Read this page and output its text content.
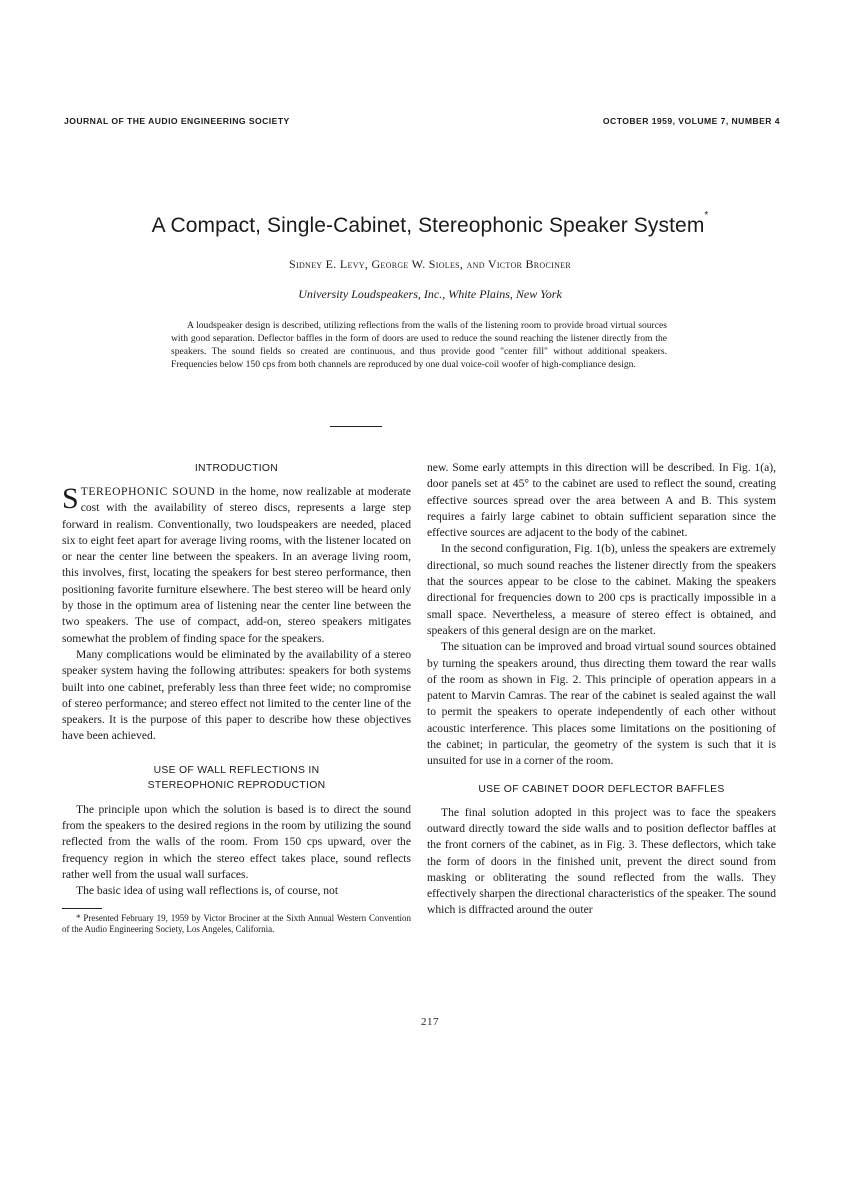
JOURNAL OF THE AUDIO ENGINEERING SOCIETY	OCTOBER 1959, VOLUME 7, NUMBER 4
A Compact, Single-Cabinet, Stereophonic Speaker System*
Sidney E. Levy, George W. Sioles, and Victor Brociner
University Loudspeakers, Inc., White Plains, New York

A loudspeaker design is described, utilizing reflections from the walls of the listening room to provide broad virtual sources with good separation. Deflector baffles in the form of doors are used to reduce the sound reaching the listener directly from the speakers. The sound fields so created are continuous, and thus provide good "center fill" without additional speakers. Frequencies below 150 cps from both channels are reproduced by one dual voice-coil woofer of high-compliance design.

INTRODUCTION

STEREOPHONIC SOUND in the home, now realizable at moderate cost with the availability of stereo discs, represents a large step forward in realism. Conventionally, two loudspeakers are needed, placed six to eight feet apart for average living rooms, with the listener located on or near the center line between the speakers. In an average living room, this involves, first, locating the speakers for best stereo performance, then positioning favorite furniture elsewhere. The best stereo will be heard only by those in the optimum area of listening near the center line between the two speakers. The use of compact, add-on, stereo speakers mitigates somewhat the problem of finding space for the speakers.

Many complications would be eliminated by the availability of a stereo speaker system having the following attributes: speakers for both systems built into one cabinet, preferably less than three feet wide; no compromise of stereo performance; and stereo effect not limited to the center line of the speakers. It is the purpose of this paper to describe how these objectives have been achieved.

USE OF WALL REFLECTIONS IN
STEREOPHONIC REPRODUCTION

The principle upon which the solution is based is to direct the sound from the speakers to the desired regions in the room by utilizing the sound reflected from the walls of the room. From 150 cps upward, over the frequency region in which the stereo effect takes place, sound reflects rather well from the usual wall surfaces.

The basic idea of using wall reflections is, of course, not

* Presented February 19, 1959 by Victor Brociner at the Sixth Annual Western Convention of the Audio Engineering Society, Los Angeles, California.

new. Some early attempts in this direction will be described. In Fig. 1(a), door panels set at 45° to the cabinet are used to reflect the sound, creating effective sources spread over the area between A and B. This system requires a fairly large cabinet to obtain sufficient separation since the effective sources are adjacent to the body of the cabinet.

In the second configuration, Fig. 1(b), unless the speakers are extremely directional, so much sound reaches the listener directly from the speakers that the sources appear to be close to the cabinet. Making the speakers directional for frequencies down to 200 cps is practically impossible in a small space. Nevertheless, a measure of stereo effect is obtained, and speakers of this general design are on the market.

The situation can be improved and broad virtual sound sources obtained by turning the speakers around, thus directing them toward the rear walls of the room as shown in Fig. 2. This principle of operation appears in a patent to Marvin Camras. The rear of the cabinet is sealed against the wall to permit the speakers to operate independently of each other without acoustic interference. This places some limitations on the positioning of the cabinet; in particular, the geometry of the system is such that it is unsuited for use in a corner of the room.

USE OF CABINET DOOR DEFLECTOR BAFFLES

The final solution adopted in this project was to face the speakers outward directly toward the side walls and to position deflector baffles at the front corners of the cabinet, as in Fig. 3. These deflectors, which take the form of doors in the finished unit, prevent the direct sound from masking or obliterating the sound reflected from the walls. They effectively sharpen the directional characteristics of the speaker. The sound which is diffracted around the outer

217
